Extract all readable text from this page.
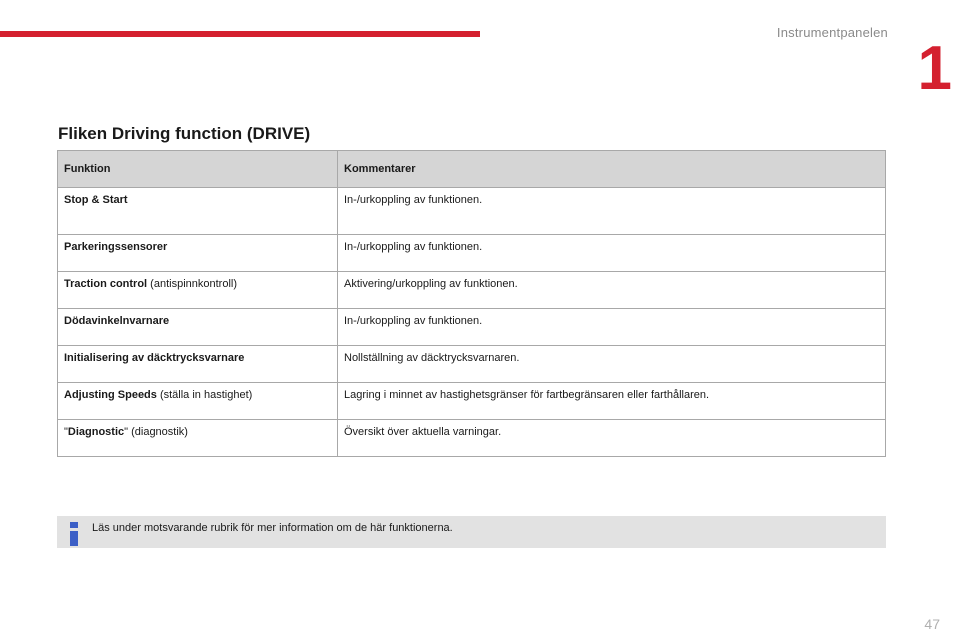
Instrumentpanelen
1
Fliken Driving function (DRIVE)
Funktion	Kommentarer
Stop & Start	In-/urkoppling av funktionen.
Parkeringssensorer	In-/urkoppling av funktionen.
Traction control (antispinnkontroll)	Aktivering/urkoppling av funktionen.
Dödavinkelnvarnare	In-/urkoppling av funktionen.
Initialisering av däcktrycksvarnare	Nollställning av däcktrycksvarnaren.
Adjusting Speeds (ställa in hastighet)	Lagring i minnet av hastighetsgränser för fartbegränsaren eller farthållaren.
"Diagnostic" (diagnostik)	Översikt över aktuella varningar.
Läs under motsvarande rubrik för mer information om de här funktionerna.
47
